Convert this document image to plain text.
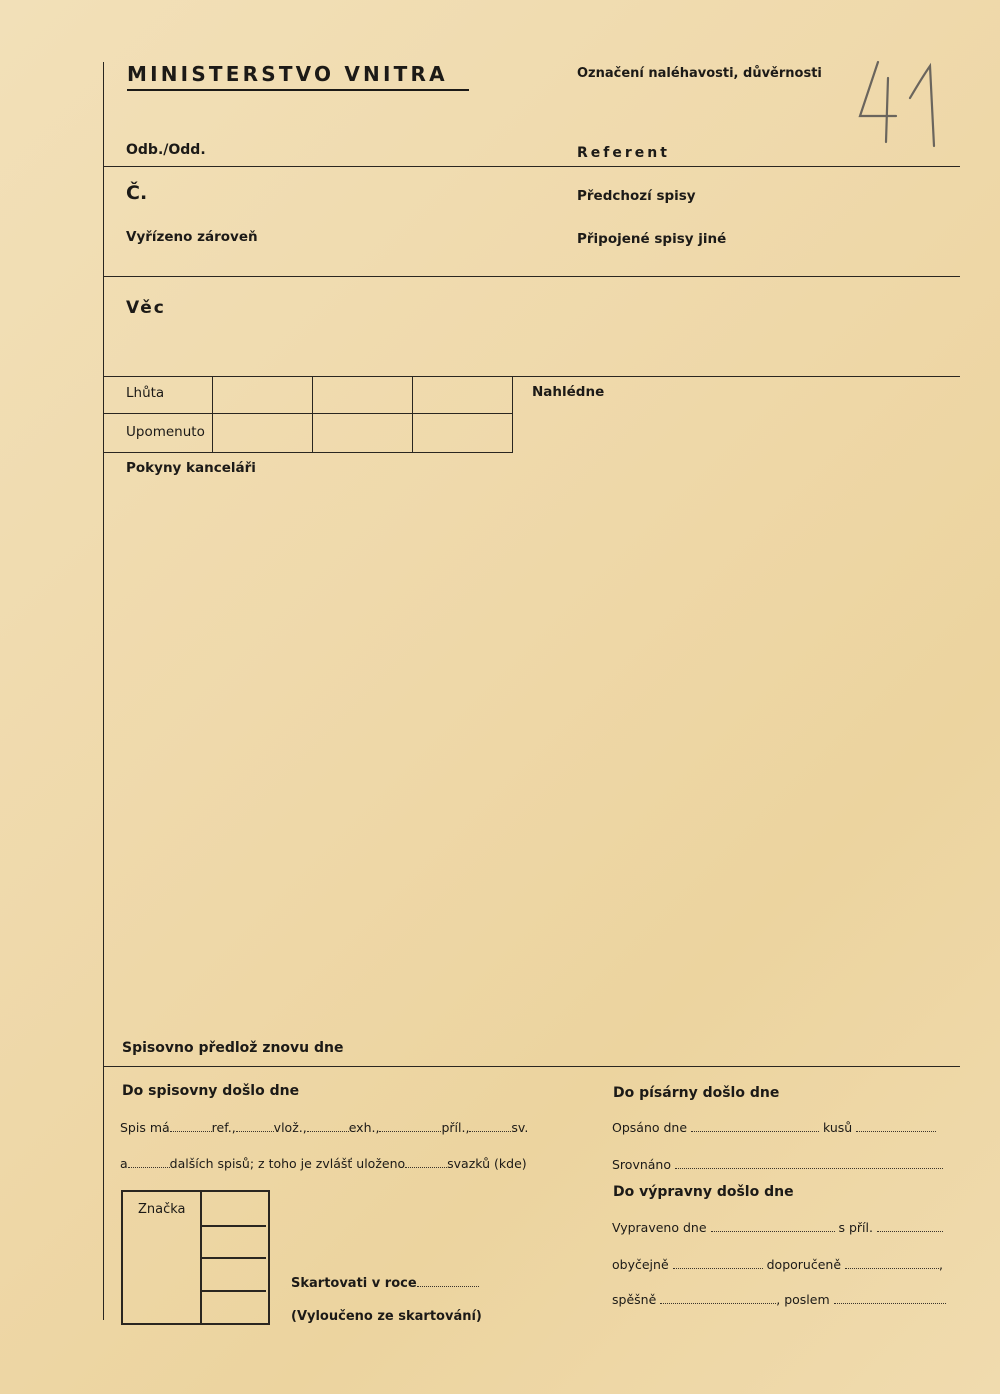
MINISTERSTVO VNITRA	Označení naléhavosti, důvěrnosti
Odb./Odd.	Referent
Č.	Předchozí spisy
Vyřízeno zároveň	Připojené spisy jiné
Věc
Lhůta
Upomenuto
Nahlédne
Pokyny kanceláři
Spisovno předlož znovu dne
Do spisovny došlo dne	Do písárny došlo dne
Spis má	ref.,	vlož.,	exh.,	příl.,	sv.	Opsáno dne	kusů
a	dalších spisů; z toho je zvlášť uloženo	svazků (kde)	Srovnáno
Do výpravny došlo dne
Značka
Vypraveno dne	s příl.
obyčejně	doporučeně	,
Skartovati v roce
spěšně	, poslem
(Vyloučeno ze skartování)
